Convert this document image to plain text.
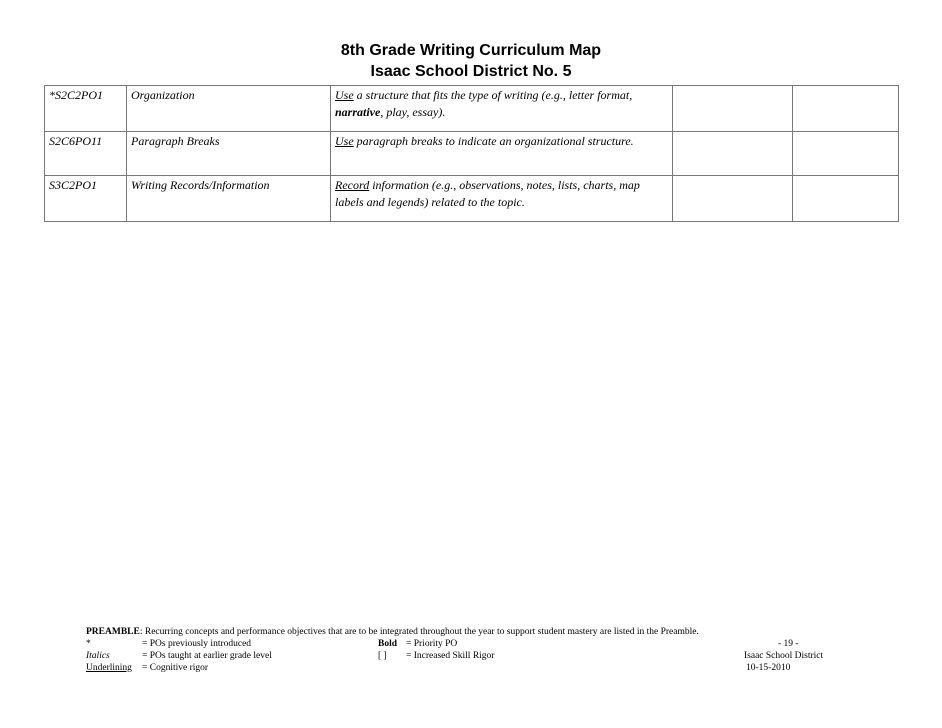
8th Grade Writing Curriculum Map
Isaac School District No. 5
*S2C2PO1	Organization	Use a structure that fits the type of writing (e.g., letter format, narrative, play, essay).		
S2C6PO11	Paragraph Breaks	Use paragraph breaks to indicate an organizational structure.		
S3C2PO1	Writing Records/Information	Record information (e.g., observations, notes, lists, charts, map labels and legends) related to the topic.		
PREAMBLE: Recurring concepts and performance objectives that are to be integrated throughout the year to support student mastery are listed in the Preamble.
*	= POs previously introduced	Bold = Priority PO	- 19 -
Italics	= POs taught at earlier grade level	[ ] = Increased Skill Rigor	Isaac School District
Underlining = Cognitive rigor	10-15-2010
